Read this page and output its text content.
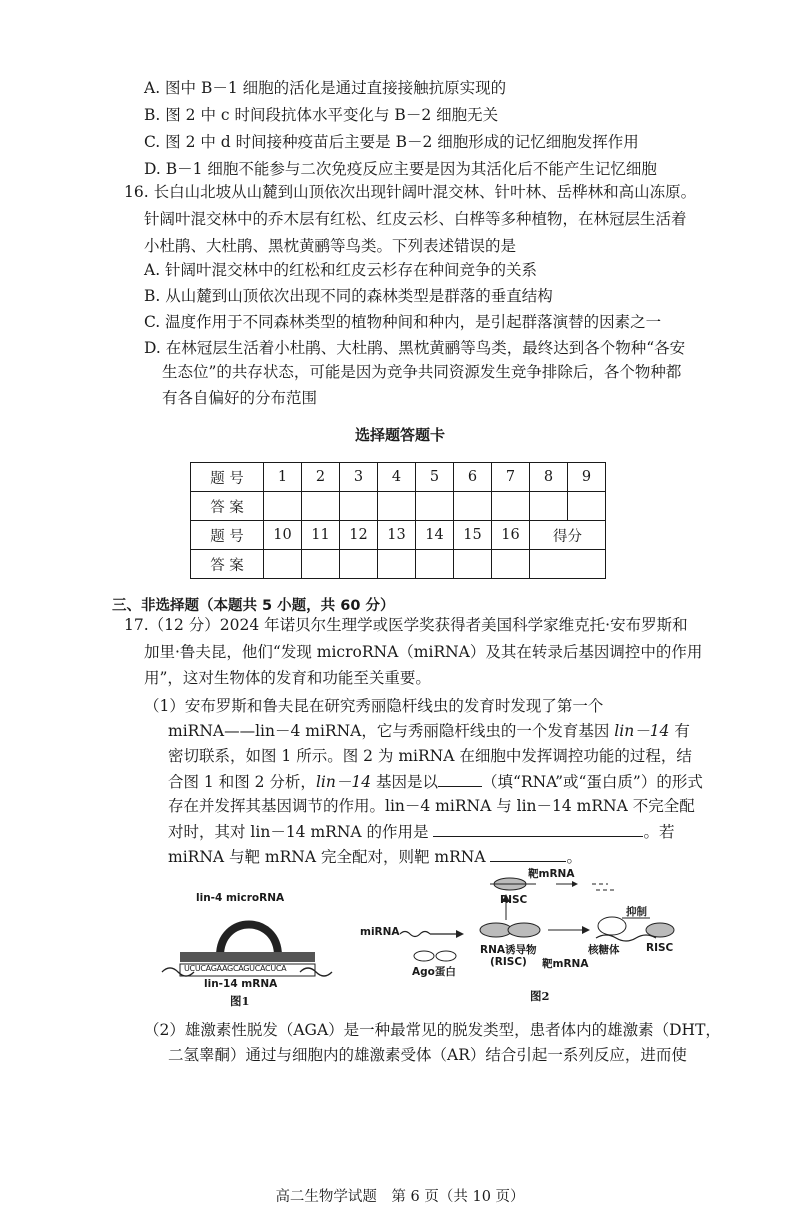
A. 图中 B－1 细胞的活化是通过直接接触抗原实现的
B. 图 2 中 c 时间段抗体水平变化与 B－2 细胞无关
C. 图 2 中 d 时间接种疫苗后主要是 B－2 细胞形成的记忆细胞发挥作用
D. B－1 细胞不能参与二次免疫反应主要是因为其活化后不能产生记忆细胞
16. 长白山北坡从山麓到山顶依次出现针阔叶混交林、针叶林、岳桦林和高山冻原。
针阔叶混交林中的乔木层有红松、红皮云杉、白桦等多种植物，在林冠层生活着
小杜鹃、大杜鹃、黑枕黄鹂等鸟类。下列表述错误的是
A. 针阔叶混交林中的红松和红皮云杉存在种间竞争的关系
B. 从山麓到山顶依次出现不同的森林类型是群落的垂直结构
C. 温度作用于不同森林类型的植物种间和种内，是引起群落演替的因素之一
D. 在林冠层生活着小杜鹃、大杜鹃、黑枕黄鹂等鸟类，最终达到各个物种“各安
生态位”的共存状态，可能是因为竞争共同资源发生竞争排除后，各个物种都
有各自偏好的分布范围
选择题答题卡
题 号	1	2	3	4	5	6	7	8	9
答 案									
题 号	10	11	12	13	14	15	16	得分	
答 案									
三、非选择题（本题共 5 小题，共 60 分）
17.（12 分）2024 年诺贝尔生理学或医学奖获得者美国科学家维克托·安布罗斯和
加里·鲁夫昆，他们“发现 microRNA（miRNA）及其在转录后基因调控中的作用
用”，这对生物体的发育和功能至关重要。
（1）安布罗斯和鲁夫昆在研究秀丽隐杆线虫的发育时发现了第一个
miRNA——lin－4 miRNA，它与秀丽隐杆线虫的一个发育基因 lin－14 有
密切联系，如图 1 所示。图 2 为 miRNA 在细胞中发挥调控功能的过程，结
合图 1 和图 2 分析，lin－14 基因是以	（填“RNA”或“蛋白质”）的形式
存在并发挥其基因调节的作用。lin－4 miRNA 与 lin－14 mRNA 不完全配
对时，其对 lin－14 mRNA 的作用是	。若
miRNA 与靶 mRNA 完全配对，则靶 mRNA	。
lin-4 microRNA
UCUCAGAAGCAGUCACUCA
lin-14 mRNA
图1
miRNA
Ago蛋白
RNA诱导物
(RISC)
靶mRNA
RISC
抑制
核糖体	RISC
靶mRNA
图2
（2）雄激素性脱发（AGA）是一种最常见的脱发类型，患者体内的雄激素（DHT，
二氢睾酮）通过与细胞内的雄激素受体（AR）结合引起一系列反应，进而使
高二生物学试题　第 6 页（共 10 页）
